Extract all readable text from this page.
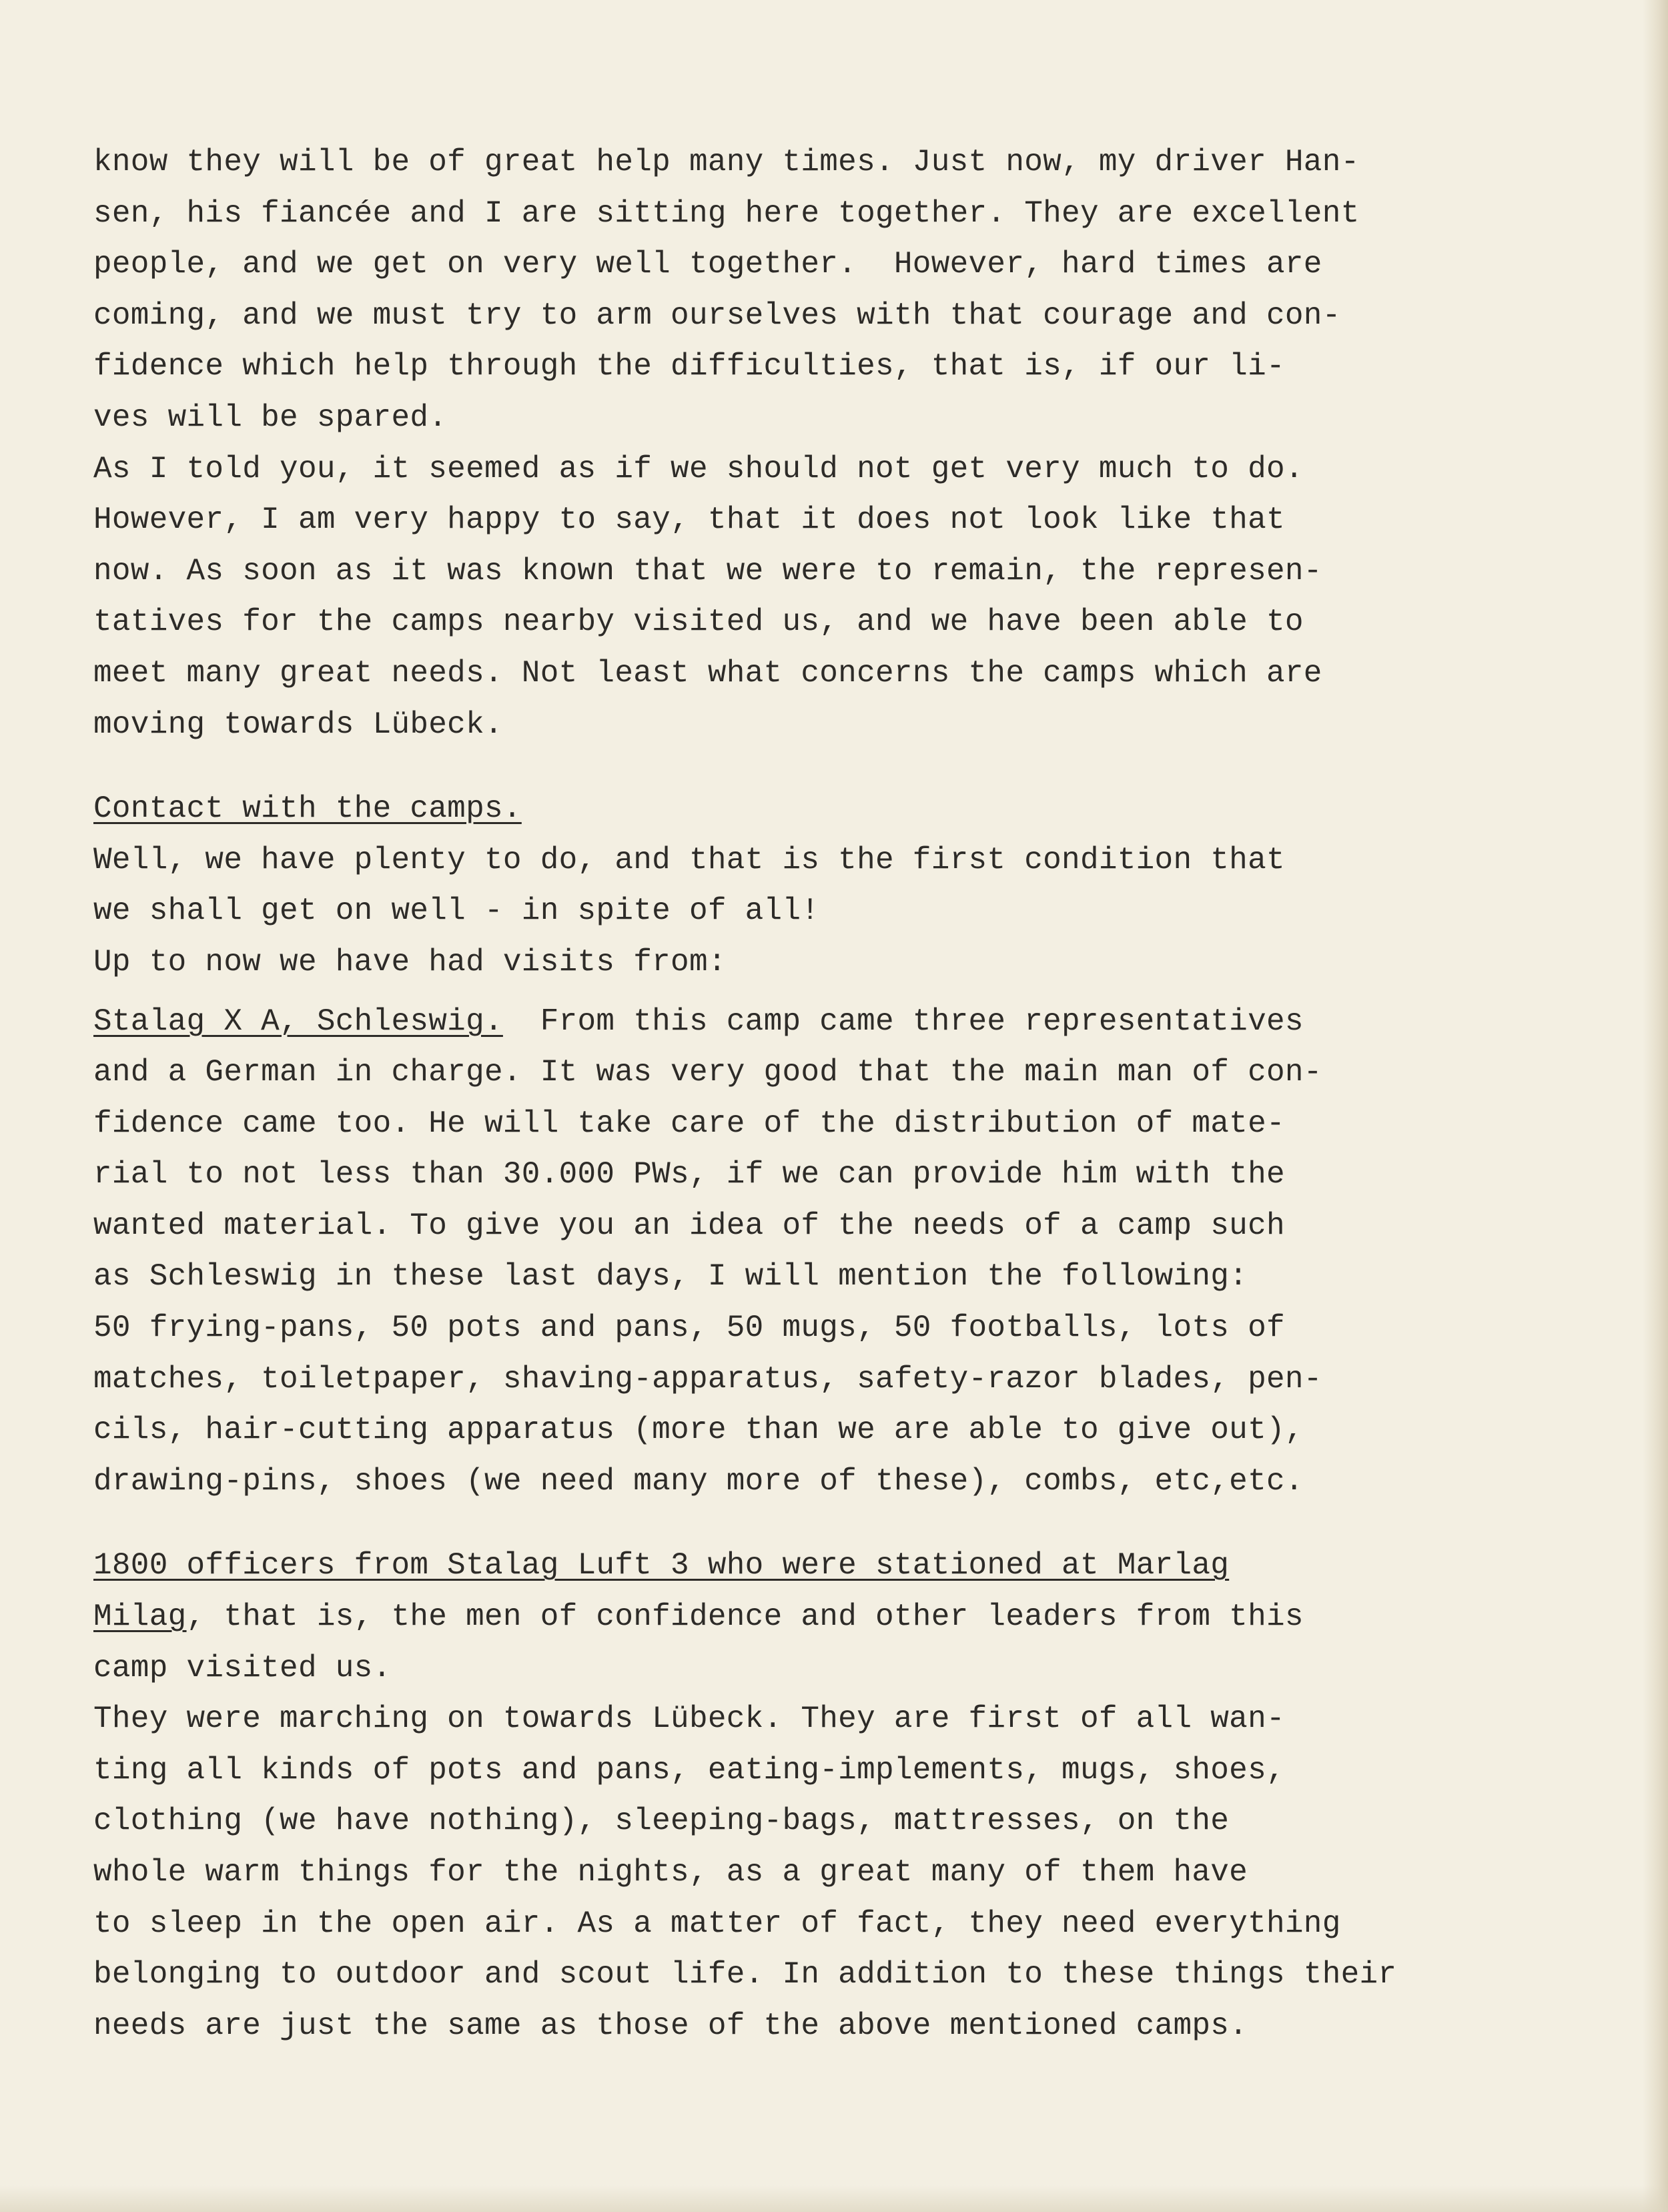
know they will be of great help many times. Just now, my driver Han-
sen, his fiancée and I are sitting here together. They are excellent
people, and we get on very well together.  However, hard times are
coming, and we must try to arm ourselves with that courage and con-
fidence which help through the difficulties, that is, if our li-
ves will be spared.
As I told you, it seemed as if we should not get very much to do.
However, I am very happy to say, that it does not look like that
now. As soon as it was known that we were to remain, the represen-
tatives for the camps nearby visited us, and we have been able to
meet many great needs. Not least what concerns the camps which are
moving towards Lübeck.
Contact with the camps.
Well, we have plenty to do, and that is the first condition that
we shall get on well - in spite of all!
Up to now we have had visits from:
Stalag X A, Schleswig.  From this camp came three representatives
and a German in charge. It was very good that the main man of con-
fidence came too. He will take care of the distribution of mate-
rial to not less than 30.000 PWs, if we can provide him with the
wanted material. To give you an idea of the needs of a camp such
as Schleswig in these last days, I will mention the following:
50 frying-pans, 50 pots and pans, 50 mugs, 50 footballs, lots of
matches, toiletpaper, shaving-apparatus, safety-razor blades, pen-
cils, hair-cutting apparatus (more than we are able to give out),
drawing-pins, shoes (we need many more of these), combs, etc,etc.
1800 officers from Stalag Luft 3 who were stationed at Marlag
Milag, that is, the men of confidence and other leaders from this
camp visited us.
They were marching on towards Lübeck. They are first of all wan-
ting all kinds of pots and pans, eating-implements, mugs, shoes,
clothing (we have nothing), sleeping-bags, mattresses, on the
whole warm things for the nights, as a great many of them have
to sleep in the open air. As a matter of fact, they need everything
belonging to outdoor and scout life. In addition to these things their
needs are just the same as those of the above mentioned camps.
